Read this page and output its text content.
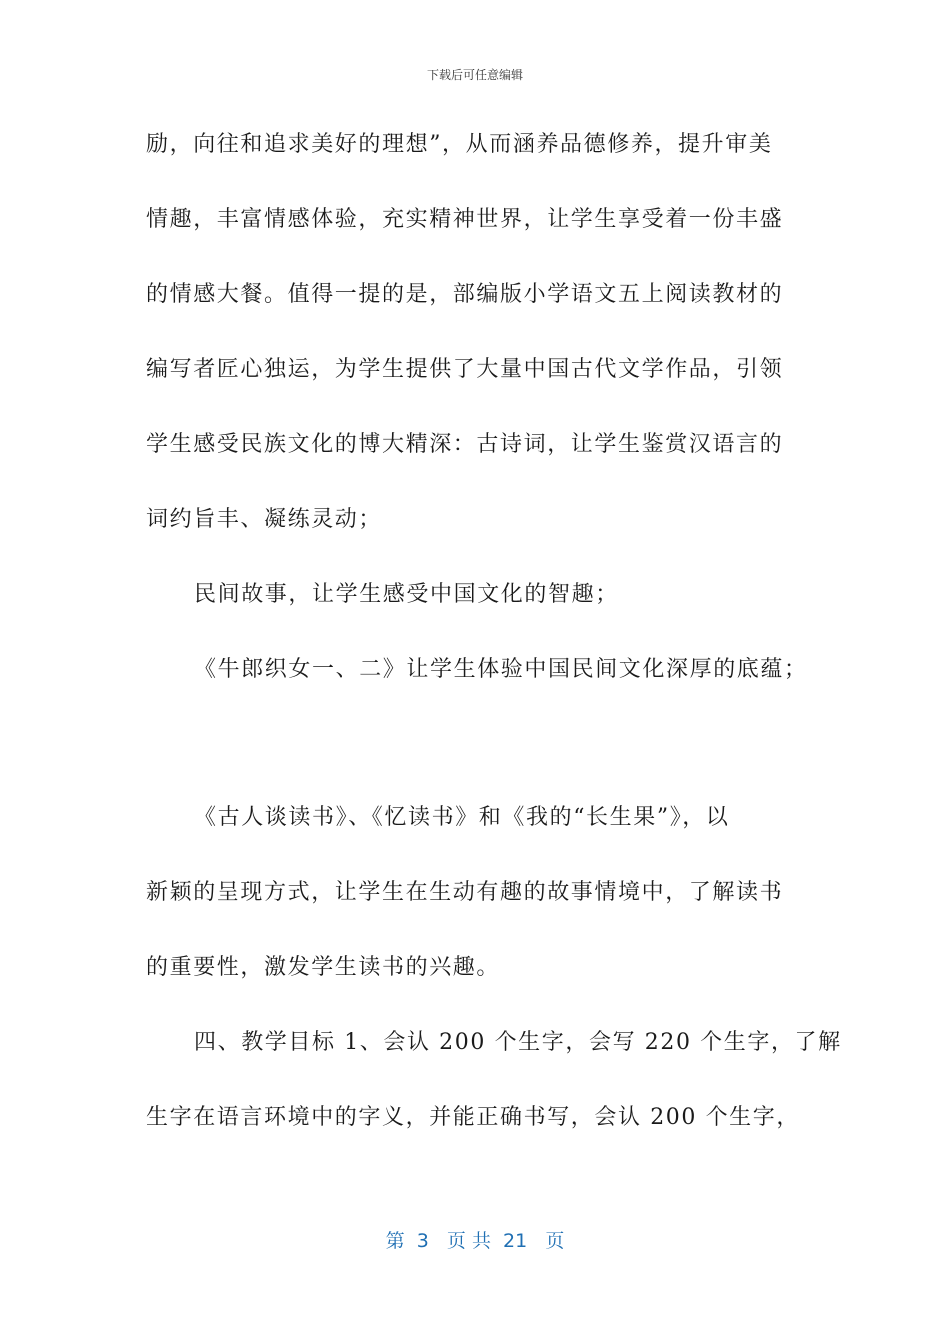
下载后可任意编辑
励，向往和追求美好的理想”，从而涵养品德修养，提升审美
情趣，丰富情感体验，充实精神世界，让学生享受着一份丰盛
的情感大餐。值得一提的是，部编版小学语文五上阅读教材的
编写者匠心独运，为学生提供了大量中国古代文学作品，引领
学生感受民族文化的博大精深：古诗词，让学生鉴赏汉语言的
词约旨丰、凝练灵动；
民间故事，让学生感受中国文化的智趣；
《牛郎织女一、二》让学生体验中国民间文化深厚的底蕴；
《古人谈读书》、《忆读书》和《我的“长生果”》，以
新颖的呈现方式，让学生在生动有趣的故事情境中，了解读书
的重要性，激发学生读书的兴趣。
四、教学目标 1、会认 200 个生字，会写 220 个生字，了解
生字在语言环境中的字义，并能正确书写，会认 200 个生字，
第  3   页 共  21   页
